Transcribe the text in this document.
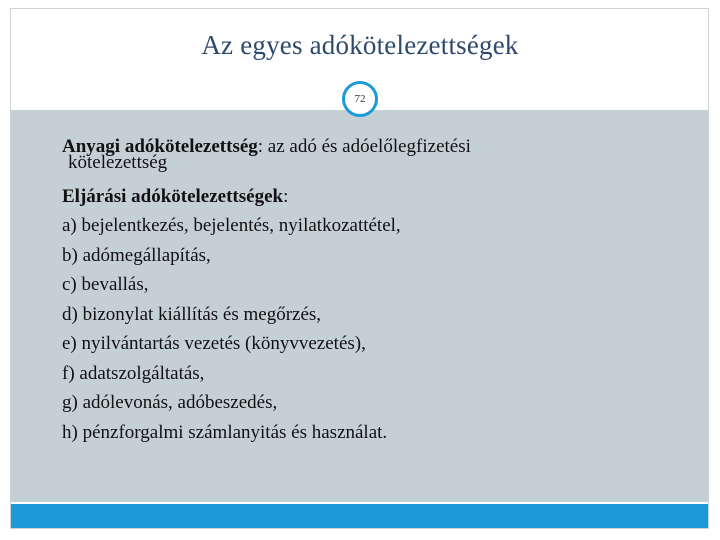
Az egyes adókötelezettségek
72
Anyagi adókötelezettség: az adó és adóelőlegfizetési
kötelezettség
Eljárási adókötelezettségek:
a) bejelentkezés, bejelentés, nyilatkozattétel,
b) adómegállapítás,
c) bevallás,
d) bizonylat kiállítás és megőrzés,
e) nyilvántartás vezetés (könyvvezetés),
f) adatszolgáltatás,
g) adólevonás, adóbeszedés,
h) pénzforgalmi számlanyitás és használat.
